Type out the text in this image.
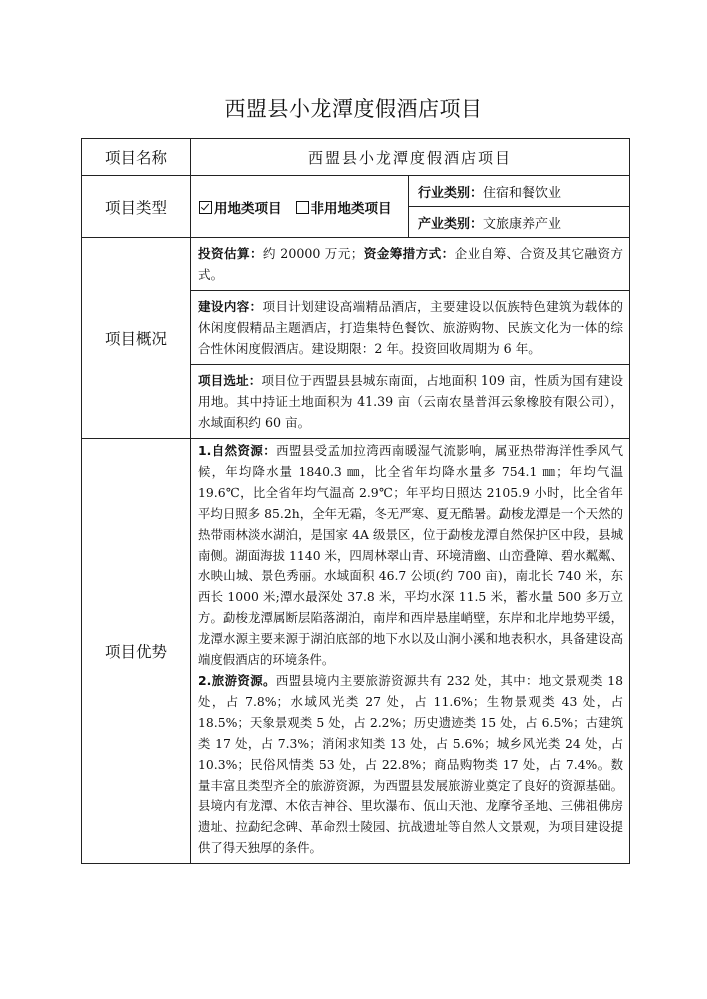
西盟县小龙潭度假酒店项目
项目名称	西盟县小龙潭度假酒店项目	
项目类型	用地类项目 非用地类项目	行业类别：住宿和餐饮业
		产业类别：文旅康养产业
项目概况	投资估算：约 20000 万元；资金筹措方式：企业自筹、合资及其它融资方式。	
	建设内容：项目计划建设高端精品酒店，主要建设以佤族特色建筑为载体的休闲度假精品主题酒店，打造集特色餐饮、旅游购物、民族文化为一体的综合性休闲度假酒店。建设期限：2 年。投资回收周期为 6 年。	
	项目选址：项目位于西盟县县城东南面，占地面积 109 亩，性质为国有建设用地。其中持证土地面积为 41.39 亩（云南农垦普洱云象橡胶有限公司），水域面积约 60 亩。	
项目优势	1.自然资源：西盟县受孟加拉湾西南暖湿气流影响，属亚热带海洋性季风气候，年均降水量 1840.3 ㎜，比全省年均降水量多 754.1 ㎜；年均气温 19.6℃，比全省年均气温高 2.9℃；年平均日照达 2105.9 小时，比全省年平均日照多 85.2h，全年无霜，冬无严寒、夏无酷暑。勐梭龙潭是一个天然的热带雨林淡水湖泊，是国家 4A 级景区，位于勐梭龙潭自然保护区中段，县城南侧。湖面海拔 1140 米，四周林翠山青、环境清幽、山峦叠障、碧水粼粼、水映山城、景色秀丽。水域面积 46.7 公顷(约 700 亩)，南北长 740 米，东西长 1000 米;潭水最深处 37.8 米，平均水深 11.5 米，蓄水量 500 多万立方。勐梭龙潭属断层陷落湖泊，南岸和西岸悬崖峭壁，东岸和北岸地势平缓，龙潭水源主要来源于湖泊底部的地下水以及山涧小溪和地表积水，具备建设高端度假酒店的环境条件。

2.旅游资源。西盟县境内主要旅游资源共有 232 处，其中：地文景观类 18 处，占 7.8%；水域风光类 27 处，占 11.6%；生物景观类 43 处，占 18.5%；天象景观类 5 处，占 2.2%；历史遗迹类 15 处，占 6.5%；古建筑类 17 处，占 7.3%；消闲求知类 13 处，占 5.6%；城乡风光类 24 处，占 10.3%；民俗风情类 53 处，占 22.8%；商品购物类 17 处，占 7.4%。数量丰富且类型齐全的旅游资源，为西盟县发展旅游业奠定了良好的资源基础。县境内有龙潭、木依吉神谷、里坎瀑布、佤山天池、龙摩爷圣地、三佛祖佛房遗址、拉勐纪念碑、革命烈士陵园、抗战遗址等自然人文景观，为项目建设提供了得天独厚的条件。	
